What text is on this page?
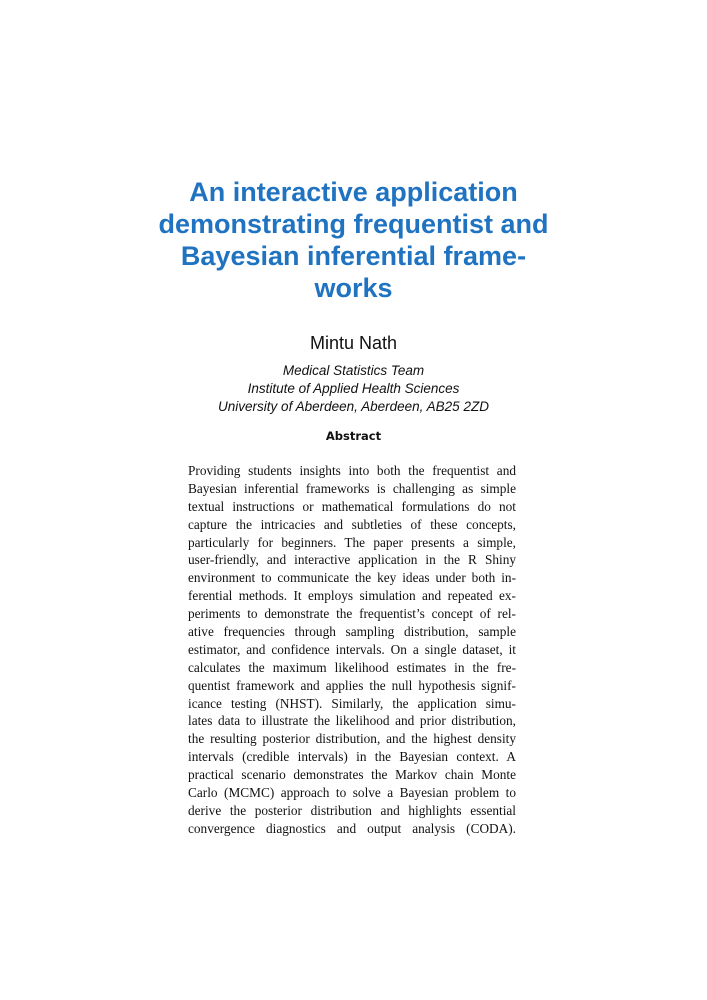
An interactive application
demonstrating frequentist and
Bayesian inferential frame-
works
Mintu Nath
Medical Statistics Team
Institute of Applied Health Sciences
University of Aberdeen, Aberdeen, AB25 2ZD
Abstract
Providing students insights into both the frequentist and
Bayesian inferential frameworks is challenging as simple
textual instructions or mathematical formulations do not
capture the intricacies and subtleties of these concepts,
particularly for beginners. The paper presents a simple,
user-friendly, and interactive application in the R Shiny
environment to communicate the key ideas under both in-
ferential methods. It employs simulation and repeated ex-
periments to demonstrate the frequentist’s concept of rel-
ative frequencies through sampling distribution, sample
estimator, and confidence intervals. On a single dataset, it
calculates the maximum likelihood estimates in the fre-
quentist framework and applies the null hypothesis signif-
icance testing (NHST). Similarly, the application simu-
lates data to illustrate the likelihood and prior distribution,
the resulting posterior distribution, and the highest density
intervals (credible intervals) in the Bayesian context. A
practical scenario demonstrates the Markov chain Monte
Carlo (MCMC) approach to solve a Bayesian problem to
derive the posterior distribution and highlights essential
convergence diagnostics and output analysis (CODA).
